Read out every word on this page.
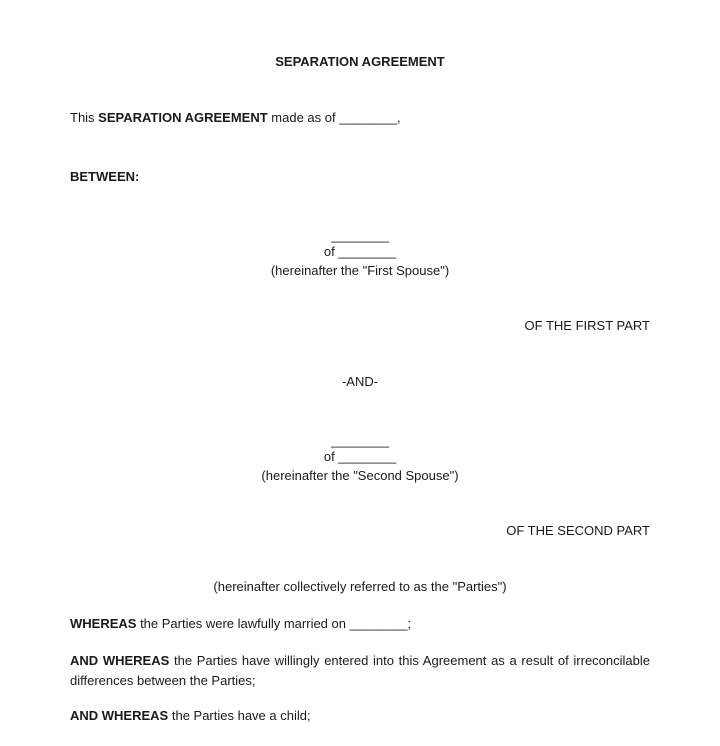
SEPARATION AGREEMENT
This SEPARATION AGREEMENT made as of ________,
BETWEEN:
________
of ________
(hereinafter the "First Spouse")
OF THE FIRST PART
-AND-
________
of ________
(hereinafter the "Second Spouse")
OF THE SECOND PART
(hereinafter collectively referred to as the "Parties")
WHEREAS the Parties were lawfully married on ________;
AND WHEREAS the Parties have willingly entered into this Agreement as a result of irreconcilable differences between the Parties;
AND WHEREAS the Parties have a child;
